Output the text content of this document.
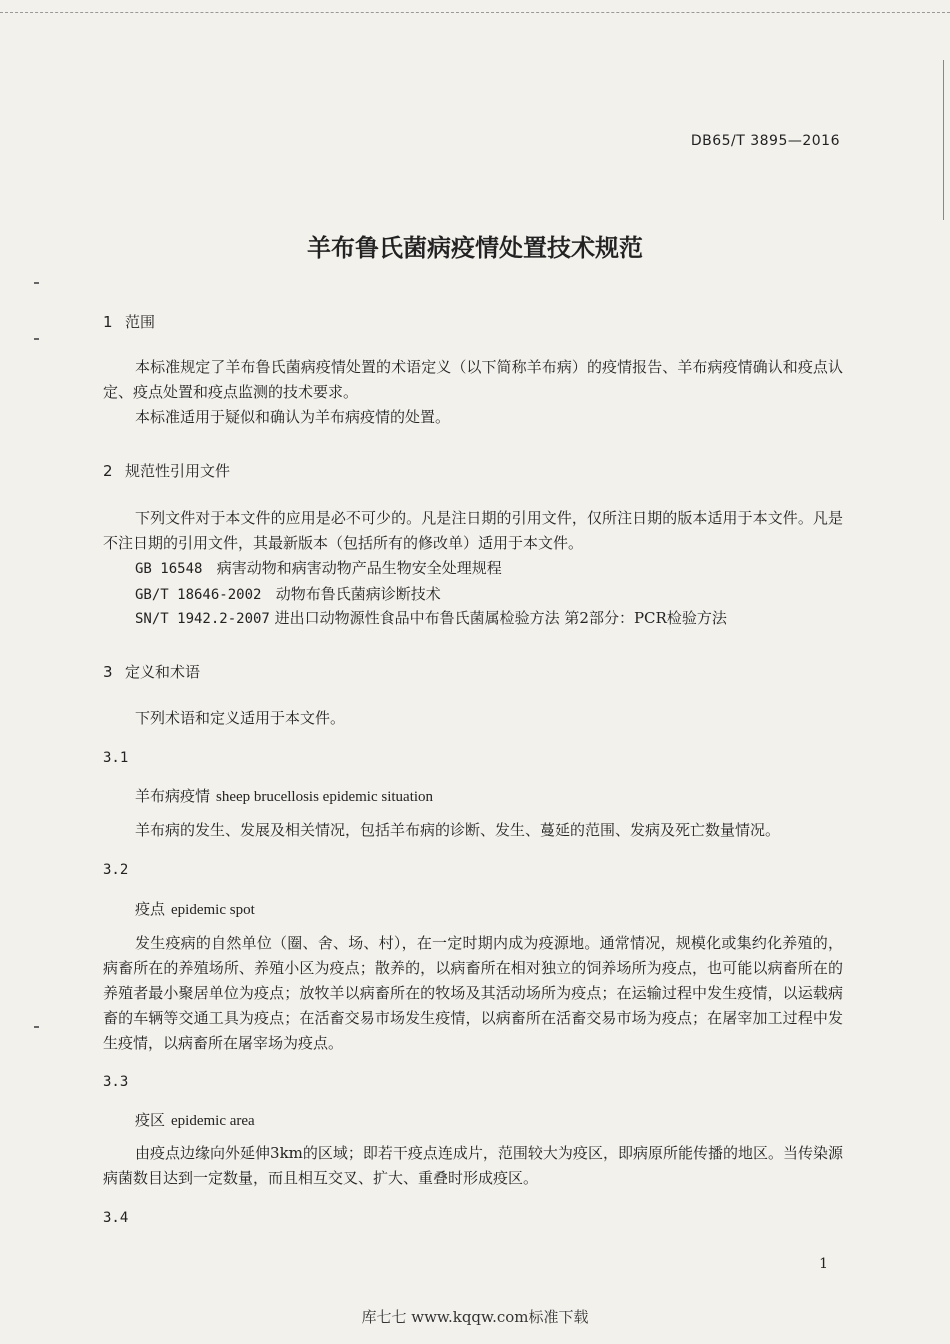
DB65/T 3895—2016
羊布鲁氏菌病疫情处置技术规范
1 范围
本标准规定了羊布鲁氏菌病疫情处置的术语定义（以下简称羊布病）的疫情报告、羊布病疫情确认和疫点认定、疫点处置和疫点监测的技术要求。
本标准适用于疑似和确认为羊布病疫情的处置。
2 规范性引用文件
下列文件对于本文件的应用是必不可少的。凡是注日期的引用文件，仅所注日期的版本适用于本文件。凡是不注日期的引用文件，其最新版本（包括所有的修改单）适用于本文件。
GB 16548 病害动物和病害动物产品生物安全处理规程
GB/T 18646-2002 动物布鲁氏菌病诊断技术
SN/T 1942.2-2007 进出口动物源性食品中布鲁氏菌属检验方法 第2部分：PCR检验方法
3 定义和术语
下列术语和定义适用于本文件。
3.1
羊布病疫情 sheep brucellosis epidemic situation
羊布病的发生、发展及相关情况，包括羊布病的诊断、发生、蔓延的范围、发病及死亡数量情况。
3.2
疫点 epidemic spot
发生疫病的自然单位（圈、舍、场、村），在一定时期内成为疫源地。通常情况，规模化或集约化养殖的，病畜所在的养殖场所、养殖小区为疫点；散养的，以病畜所在相对独立的饲养场所为疫点，也可能以病畜所在的养殖者最小聚居单位为疫点；放牧羊以病畜所在的牧场及其活动场所为疫点；在运输过程中发生疫情，以运载病畜的车辆等交通工具为疫点；在活畜交易市场发生疫情，以病畜所在活畜交易市场为疫点；在屠宰加工过程中发生疫情，以病畜所在屠宰场为疫点。
3.3
疫区 epidemic area
由疫点边缘向外延伸3km的区域；即若干疫点连成片，范围较大为疫区，即病原所能传播的地区。当传染源病菌数目达到一定数量，而且相互交叉、扩大、重叠时形成疫区。
3.4
1
库七七 www.kqqw.com标准下载
